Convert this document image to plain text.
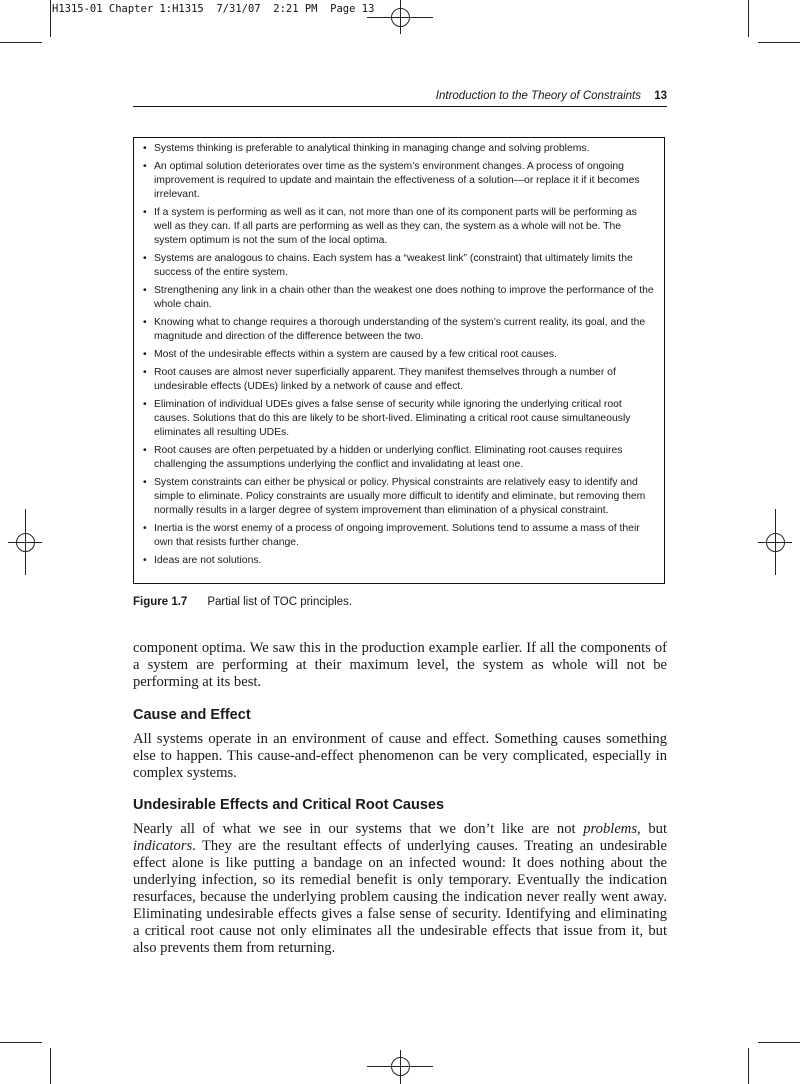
H1315-01 Chapter 1:H1315  7/31/07  2:21 PM  Page 13
Introduction to the Theory of Constraints 13
• Systems thinking is preferable to analytical thinking in managing change and solving problems.
• An optimal solution deteriorates over time as the system’s environment changes. A process of ongoing improvement is required to update and maintain the effectiveness of a solution—or replace it if it becomes irrelevant.
• If a system is performing as well as it can, not more than one of its component parts will be performing as well as they can. If all parts are performing as well as they can, the system as a whole will not be. The system optimum is not the sum of the local optima.
• Systems are analogous to chains. Each system has a “weakest link” (constraint) that ultimately limits the success of the entire system.
• Strengthening any link in a chain other than the weakest one does nothing to improve the performance of the whole chain.
• Knowing what to change requires a thorough understanding of the system’s current reality, its goal, and the magnitude and direction of the difference between the two.
• Most of the undesirable effects within a system are caused by a few critical root causes.
• Root causes are almost never superficially apparent. They manifest themselves through a number of undesirable effects (UDEs) linked by a network of cause and effect.
• Elimination of individual UDEs gives a false sense of security while ignoring the underlying critical root causes. Solutions that do this are likely to be short-lived. Eliminating a critical root cause simultaneously eliminates all resulting UDEs.
• Root causes are often perpetuated by a hidden or underlying conflict. Eliminating root causes requires challenging the assumptions underlying the conflict and invalidating at least one.
• System constraints can either be physical or policy. Physical constraints are relatively easy to identify and simple to eliminate. Policy constraints are usually more difficult to identify and eliminate, but removing them normally results in a larger degree of system improvement than elimination of a physical constraint.
• Inertia is the worst enemy of a process of ongoing improvement. Solutions tend to assume a mass of their own that resists further change.
• Ideas are not solutions.
Figure 1.7 Partial list of TOC principles.

component optima. We saw this in the production example earlier. If all the components of a system are performing at their maximum level, the system as whole will not be performing at its best.

Cause and Effect

All systems operate in an environment of cause and effect. Something causes something else to happen. This cause-and-effect phenomenon can be very complicated, especially in complex systems.

Undesirable Effects and Critical Root Causes

Nearly all of what we see in our systems that we don’t like are not problems, but indicators. They are the resultant effects of underlying causes. Treating an undesirable effect alone is like putting a bandage on an infected wound: It does nothing about the underlying infection, so its remedial benefit is only temporary. Eventually the indication resurfaces, because the underlying problem causing the indication never really went away. Eliminating undesirable effects gives a false sense of security. Identifying and eliminating a critical root cause not only eliminates all the undesirable effects that issue from it, but also prevents them from returning.
